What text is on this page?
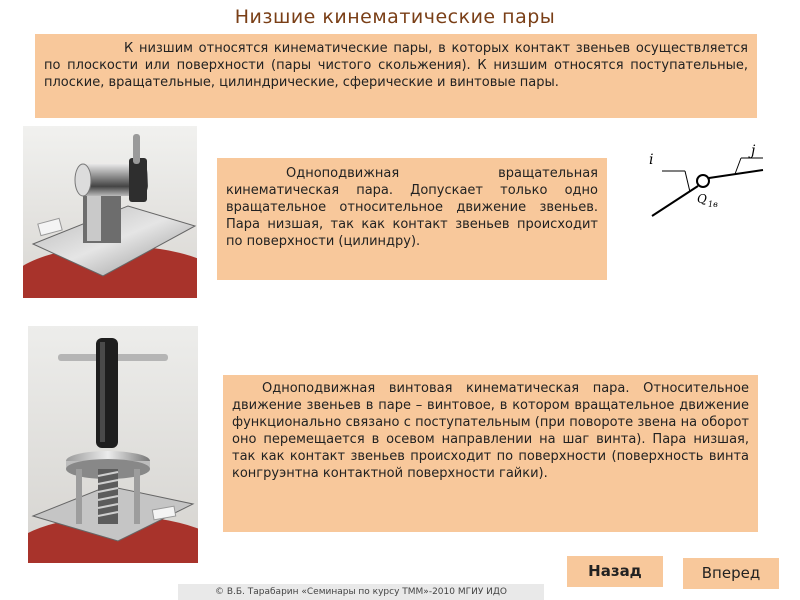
Низшие кинематические пары
К низшим относятся кинематические пары, в которых контакт звеньев осуществляется по плоскости или поверхности (пары чистого скольжения). К низшим относятся поступательные, плоские, вращательные, цилиндрические, сферические и винтовые пары.
Одноподвижная вращательная кинематическая пара. Допускает только одно вращательное относительное движение звеньев. Пара низшая, так как контакт звеньев происходит по поверхности (цилиндру).
i
j
Q 1в
Одноподвижная винтовая кинематическая пара. Относительное движение звеньев в паре – винтовое, в котором вращательное движение функционально связано с поступательным (при повороте звена на оборот оно перемещается в осевом направлении на шаг винта). Пара низшая, так как контакт звеньев происходит по поверхности (поверхность винта конгруэнтна контактной поверхности гайки).
Назад	Вперед
© В.Б. Тарабарин «Семинары по курсу ТММ»-2010 МГИУ ИДО
